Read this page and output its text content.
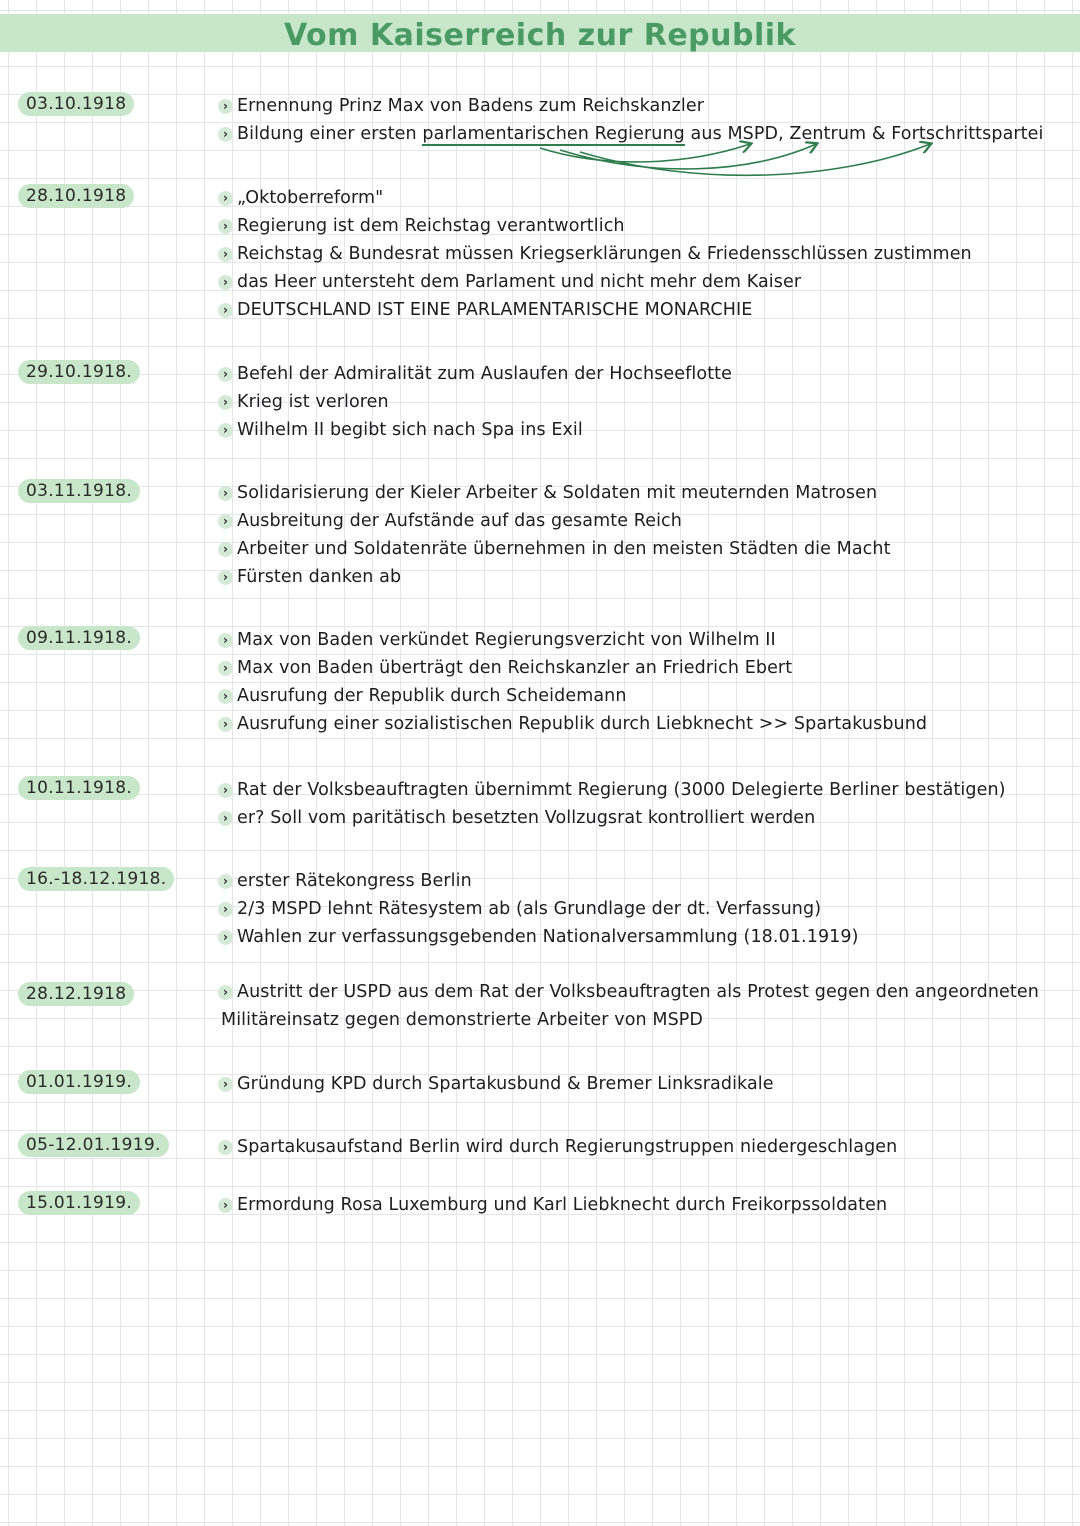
Vom Kaiserreich zur Republik
03.10.1918	› Ernennung Prinz Max von Badens zum Reichskanzler
› Bildung einer ersten parlamentarischen Regierung aus MSPD, Zentrum & Fortschrittspartei
28.10.1918	› „Oktoberreform"
› Regierung ist dem Reichstag verantwortlich
› Reichstag & Bundesrat müssen Kriegserklärungen & Friedensschlüssen zustimmen
› das Heer untersteht dem Parlament und nicht mehr dem Kaiser
› DEUTSCHLAND IST EINE PARLAMENTARISCHE MONARCHIE
29.10.1918.	› Befehl der Admiralität zum Auslaufen der Hochseeflotte
› Krieg ist verloren
› Wilhelm II begibt sich nach Spa ins Exil
03.11.1918.	› Solidarisierung der Kieler Arbeiter & Soldaten mit meuternden Matrosen
› Ausbreitung der Aufstände auf das gesamte Reich
› Arbeiter und Soldatenräte übernehmen in den meisten Städten die Macht
› Fürsten danken ab
09.11.1918.	› Max von Baden verkündet Regierungsverzicht von Wilhelm II
› Max von Baden überträgt den Reichskanzler an Friedrich Ebert
› Ausrufung der Republik durch Scheidemann
› Ausrufung einer sozialistischen Republik durch Liebknecht >> Spartakusbund
10.11.1918.	› Rat der Volksbeauftragten übernimmt Regierung (3000 Delegierte Berliner bestätigen)
› er? Soll vom paritätisch besetzten Vollzugsrat kontrolliert werden
16.-18.12.1918.	› erster Rätekongress Berlin
› 2/3 MSPD lehnt Rätesystem ab (als Grundlage der dt. Verfassung)
› Wahlen zur verfassungsgebenden Nationalversammlung (18.01.1919)
28.12.1918	› Austritt der USPD aus dem Rat der Volksbeauftragten als Protest gegen den angeordneten
Militäreinsatz gegen demonstrierte Arbeiter von MSPD
01.01.1919.	› Gründung KPD durch Spartakusbund & Bremer Linksradikale
05-12.01.1919.	› Spartakusaufstand Berlin wird durch Regierungstruppen niedergeschlagen
15.01.1919.	› Ermordung Rosa Luxemburg und Karl Liebknecht durch Freikorpssoldaten
